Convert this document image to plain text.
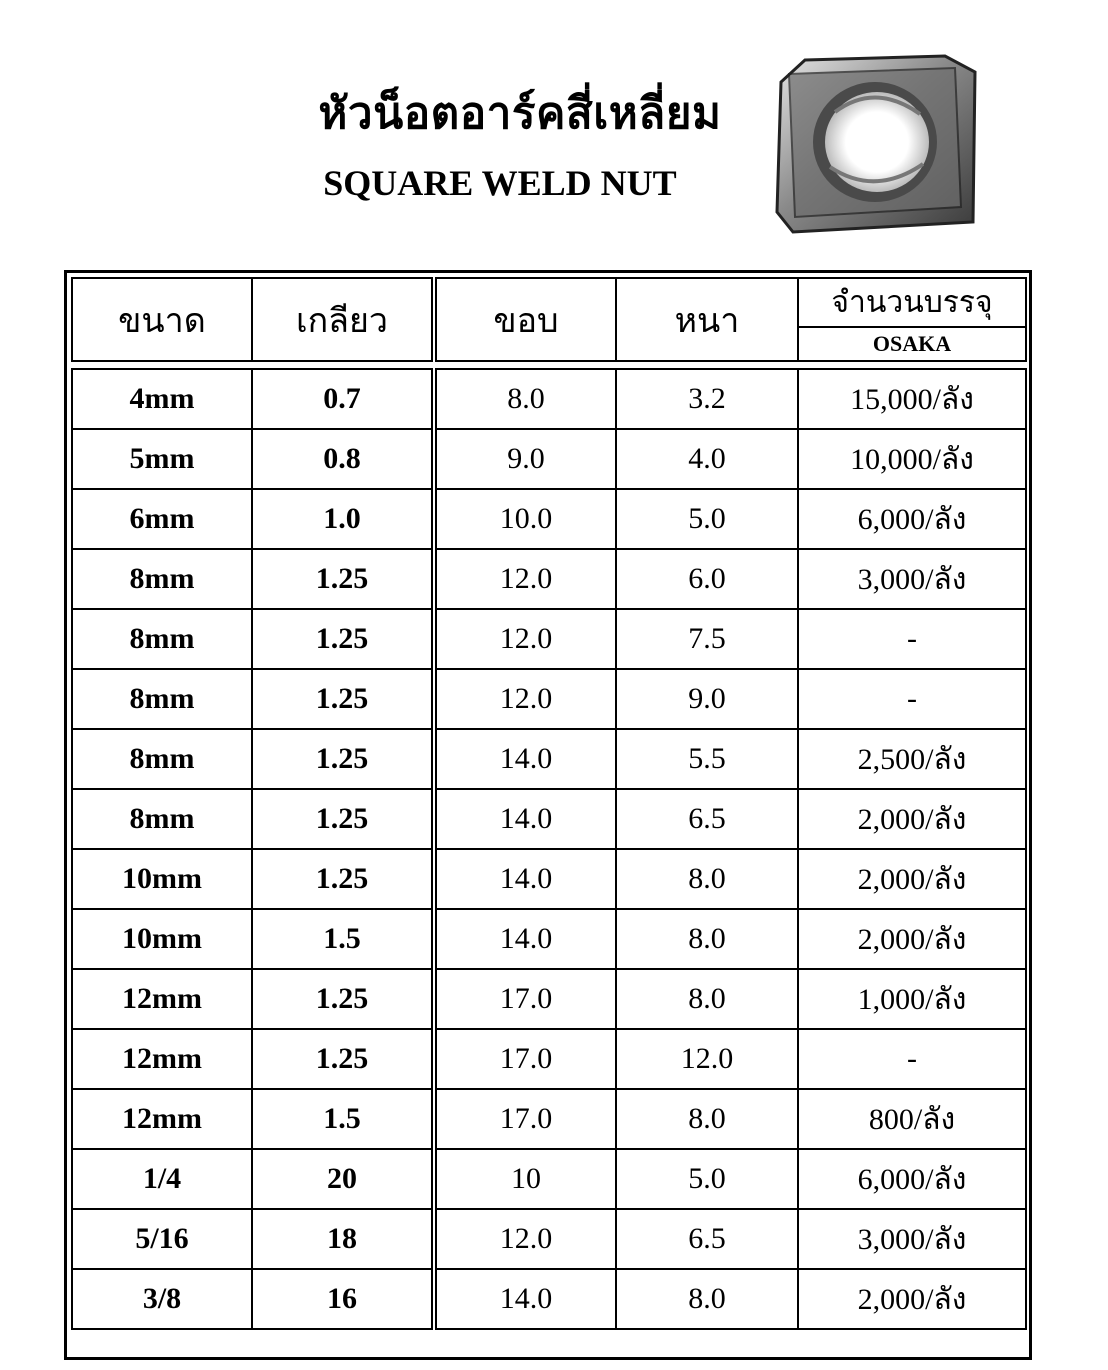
หัวน็อตอาร์คสี่เหลี่ยม
SQUARE WELD NUT
ขนาด	เกลียว	ขอบ	หนา	จำนวนบรรจุ
				OSAKA

4mm	0.7	8.0	3.2	15,000/ลัง
5mm	0.8	9.0	4.0	10,000/ลัง
6mm	1.0	10.0	5.0	6,000/ลัง
8mm	1.25	12.0	6.0	3,000/ลัง
8mm	1.25	12.0	7.5	-
8mm	1.25	12.0	9.0	-
8mm	1.25	14.0	5.5	2,500/ลัง
8mm	1.25	14.0	6.5	2,000/ลัง
10mm	1.25	14.0	8.0	2,000/ลัง
10mm	1.5	14.0	8.0	2,000/ลัง
12mm	1.25	17.0	8.0	1,000/ลัง
12mm	1.25	17.0	12.0	-
12mm	1.5	17.0	8.0	800/ลัง
1/4	20	10	5.0	6,000/ลัง
5/16	18	12.0	6.5	3,000/ลัง
3/8	16	14.0	8.0	2,000/ลัง
